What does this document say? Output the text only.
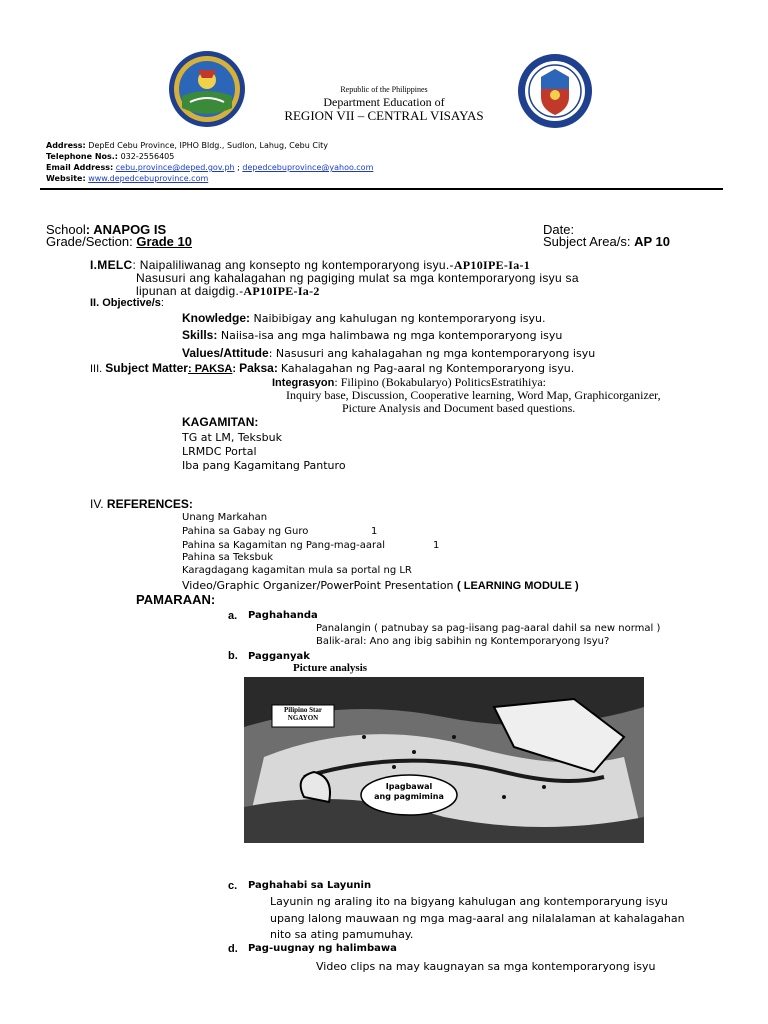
Republic of the Philippines
Department Education of
REGION VII – CENTRAL VISAYAS
Address: DepEd Cebu Province, IPHO Bldg., Sudlon, Lahug, Cebu City
Telephone Nos.: 032-2556405
Email Address: cebu.province@deped.gov.ph ; depedcebuprovince@yahoo.com
Website: www.depedcebuprovince.com
School: ANAPOG IS	Date:
Grade/Section: Grade 10	Subject Area/s: AP 10
I.MELC: Naipaliliwanag ang konsepto ng kontemporaryong isyu.-AP10IPE-Ia-1
Nasusuri ang kahalagahan ng pagiging mulat sa mga kontemporaryong isyu sa
lipunan at daigdig.-AP10IPE-Ia-2
II. Objective/s:
Knowledge: Naibibigay ang kahulugan ng kontemporaryong isyu.
Skills: Naiisa-isa ang mga halimbawa ng mga kontemporaryong isyu
Values/Attitude: Nasusuri ang kahalagahan ng mga kontemporaryong isyu
III. Subject Matter: PAKSA: Paksa: Kahalagahan ng Pag-aaral ng Kontemporaryong isyu.
Integrasyon: Filipino (Bokabularyo) PoliticsEstratihiya:
Inquiry base, Discussion, Cooperative learning, Word Map, Graphicorganizer,
Picture Analysis and Document based questions.
KAGAMITAN:
TG at LM, Teksbuk
LRMDC Portal
Iba pang Kagamitang Panturo
IV. REFERENCES:
Unang Markahan
Pahina sa Gabay ng Guro	1
Pahina sa Kagamitan ng Pang-mag-aaral	1
Pahina sa Teksbuk
Karagdagang kagamitan mula sa portal ng LR
Video/Graphic Organizer/PowerPoint Presentation ( LEARNING MODULE )
PAMARAAN:
a. Paghahanda
Panalangin ( patnubay sa pag-iisang pag-aaral dahil sa new normal )
Balik-aral: Ano ang ibig sabihin ng Kontemporaryong Isyu?
b. Pagganyak
Picture analysis
Pilipino Star
NGAYON
Ipagbawal
ang pagmimina
c. Paghahabi sa Layunin
Layunin ng araling ito na bigyang kahulugan ang kontemporaryung isyu
upang lalong mauwaan ng mga mag-aaral ang nilalalaman at kahalagahan
nito sa ating pamumuhay.
d. Pag-uugnay ng halimbawa
Video clips na may kaugnayan sa mga kontemporaryong isyu
